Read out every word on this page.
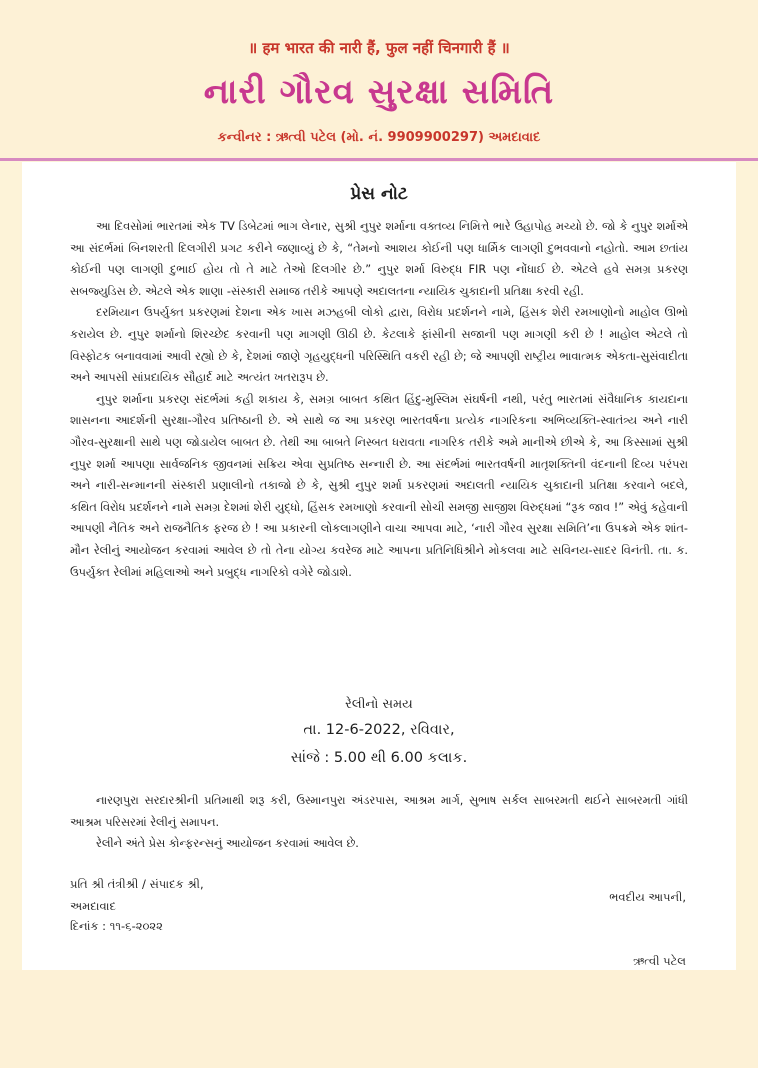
॥ हम भारत की नारी हैं, फुल नहीं चिनगारी हैं ॥
નારી ગૌરવ સુરક્ષા સમિતિ
કન્વીનર : ઋત્વી પટેલ (મો. નં. 9909900297) અમદાવાદ
પ્રેસ નોટ

આ દિવસોમાં ભારતમાં એક TV ડિબેટમાં ભાગ લેનાર, સુશ્રી નુપુર શર્માના વક્તવ્ય નિમિત્તે ભારે ઉહાપોહ મચ્યો છે. જો કે નુપુર શર્માએ આ સંદર્ભમાં બિનશરતી દિલગીરી પ્રગટ કરીને જણાવ્યું છે કે, “તેમનો આશય કોઈની પણ ધાર્મિક લાગણી દુભવવાનો નહોતો. આમ છતાંય કોઈની પણ લાગણી દુભાઈ હોય તો તે માટે તેઓ દિલગીર છે.” નુપુર શર્મા વિરુદ્ધ FIR પણ નોંધાઈ છે. એટલે હવે સમગ્ર પ્રકરણ સબજ્યુડિસ છે. એટલે એક શાણા -સંસ્કારી સમાજ તરીકે આપણે અદાલતના ન્યાયિક ચુકાદાની પ્રતિક્ષા કરવી રહી.

દરમિયાન ઉપર્યુક્ત પ્રકરણમાં દેશના એક ખાસ મઝહબી લોકો દ્વારા, વિરોધ પ્રદર્શનને નામે, હિંસક શેરી રમખાણોનો માહોલ ઊભો કરાયેલ છે. નુપુર શર્માનો શિરચ્છેદ કરવાની પણ માગણી ઊઠી છે. કેટલાકે ફાંસીની સજાની પણ માગણી કરી છે ! માહોલ એટલે તો વિસ્ફોટક બનાવવામાં આવી રહ્યો છે કે, દેશમાં જાણે ગૃહયુદ્ધની પરિસ્થિતિ વકરી રહી છે; જે આપણી રાષ્ટ્રીય ભાવાત્મક એકતા-સુસંવાદીતા અને આપસી સાંપ્રદાયિક સૌહાર્દ માટે અત્યંત ખતરારૂપ છે.

નુપુર શર્માના પ્રકરણ સંદર્ભમાં કહી શકાય કે, સમગ્ર બાબત કથિત હિંદુ-મુસ્લિમ સંઘર્ષની નથી, પરંતુ ભારતમાં સંવૈધાનિક કાયદાના શાસનના આદર્શની સુરક્ષા-ગૌરવ પ્રતિષ્ઠાની છે. એ સાથે જ આ પ્રકરણ ભારતવર્ષના પ્રત્યેક નાગરિકના અભિવ્યક્તિ-સ્વાતંત્ર્ય અને નારી ગૌરવ-સુરક્ષાની સાથે પણ જોડાયેલ બાબત છે. તેથી આ બાબતે નિસ્બત ધરાવતા નાગરિક તરીકે અમે માનીએ છીએ કે, આ કિસ્સામાં સુશ્રી નુપુર શર્મા આપણા સાર્વજનિક જીવનમાં સક્રિય એવા સુપ્રતિષ્ઠ સન્નારી છે. આ સંદર્ભમાં ભારતવર્ષની માતૃશક્તિની વંદનાની દિવ્ય પરંપરા અને નારી-સન્માનની સંસ્કારી પ્રણાલીનો તકાજો છે કે, સુશ્રી નુપુર શર્મા પ્રકરણમાં અદાલતી ન્યાયિક ચુકાદાની પ્રતિક્ષા કરવાને બદલે, કથિત વિરોધ પ્રદર્શનને નામે સમગ્ર દેશમાં શેરી યુદ્ધો, હિંસક રમખાણો કરવાની સોચી સમજી સાજીશ વિરુદ્ધમાં “રૂક જાવ !” એવું કહેવાની આપણી નૈતિક અને રાજનૈતિક ફરજ છે ! આ પ્રકારની લોકલાગણીને વાચા આપવા માટે, ‘નારી ગૌરવ સુરક્ષા સમિતિ’ના ઉપક્રમે એક શાંત-મૌન રેલીનું આયોજન કરવામાં આવેલ છે તો તેના યોગ્ય કવરેજ માટે આપના પ્રતિનિધિશ્રીને મોકલવા માટે સવિનય-સાદર વિનંતી. તા. ક. ઉપર્યુક્ત રેલીમાં મહિલાઓ અને પ્રબુદ્ધ નાગરિકો વગેરે જોડાશે.

રેલીનો સમય
તા. 12-6-2022, રવિવાર,
સાંજે : 5.00 થી 6.00 કલાક.

નારણપુરા સરદારશ્રીની પ્રતિમાથી શરૂ કરી, ઉસ્માનપુરા અંડરપાસ, આશ્રમ માર્ગ, સુભાષ સર્કલ સાબરમતી થઈને સાબરમતી ગાંધી આશ્રમ પરિસરમાં રેલીનું સમાપન.

રેલીને અંતે પ્રેસ કોન્ફરન્સનું આયોજન કરવામાં આવેલ છે.

પ્રતિ શ્રી તંત્રીશ્રી / સંપાદક શ્રી,
અમદાવાદ
દિનાંક : ૧૧-૬-૨૦૨૨
ભવદીય આપની,
ઋત્વી પટેલ
